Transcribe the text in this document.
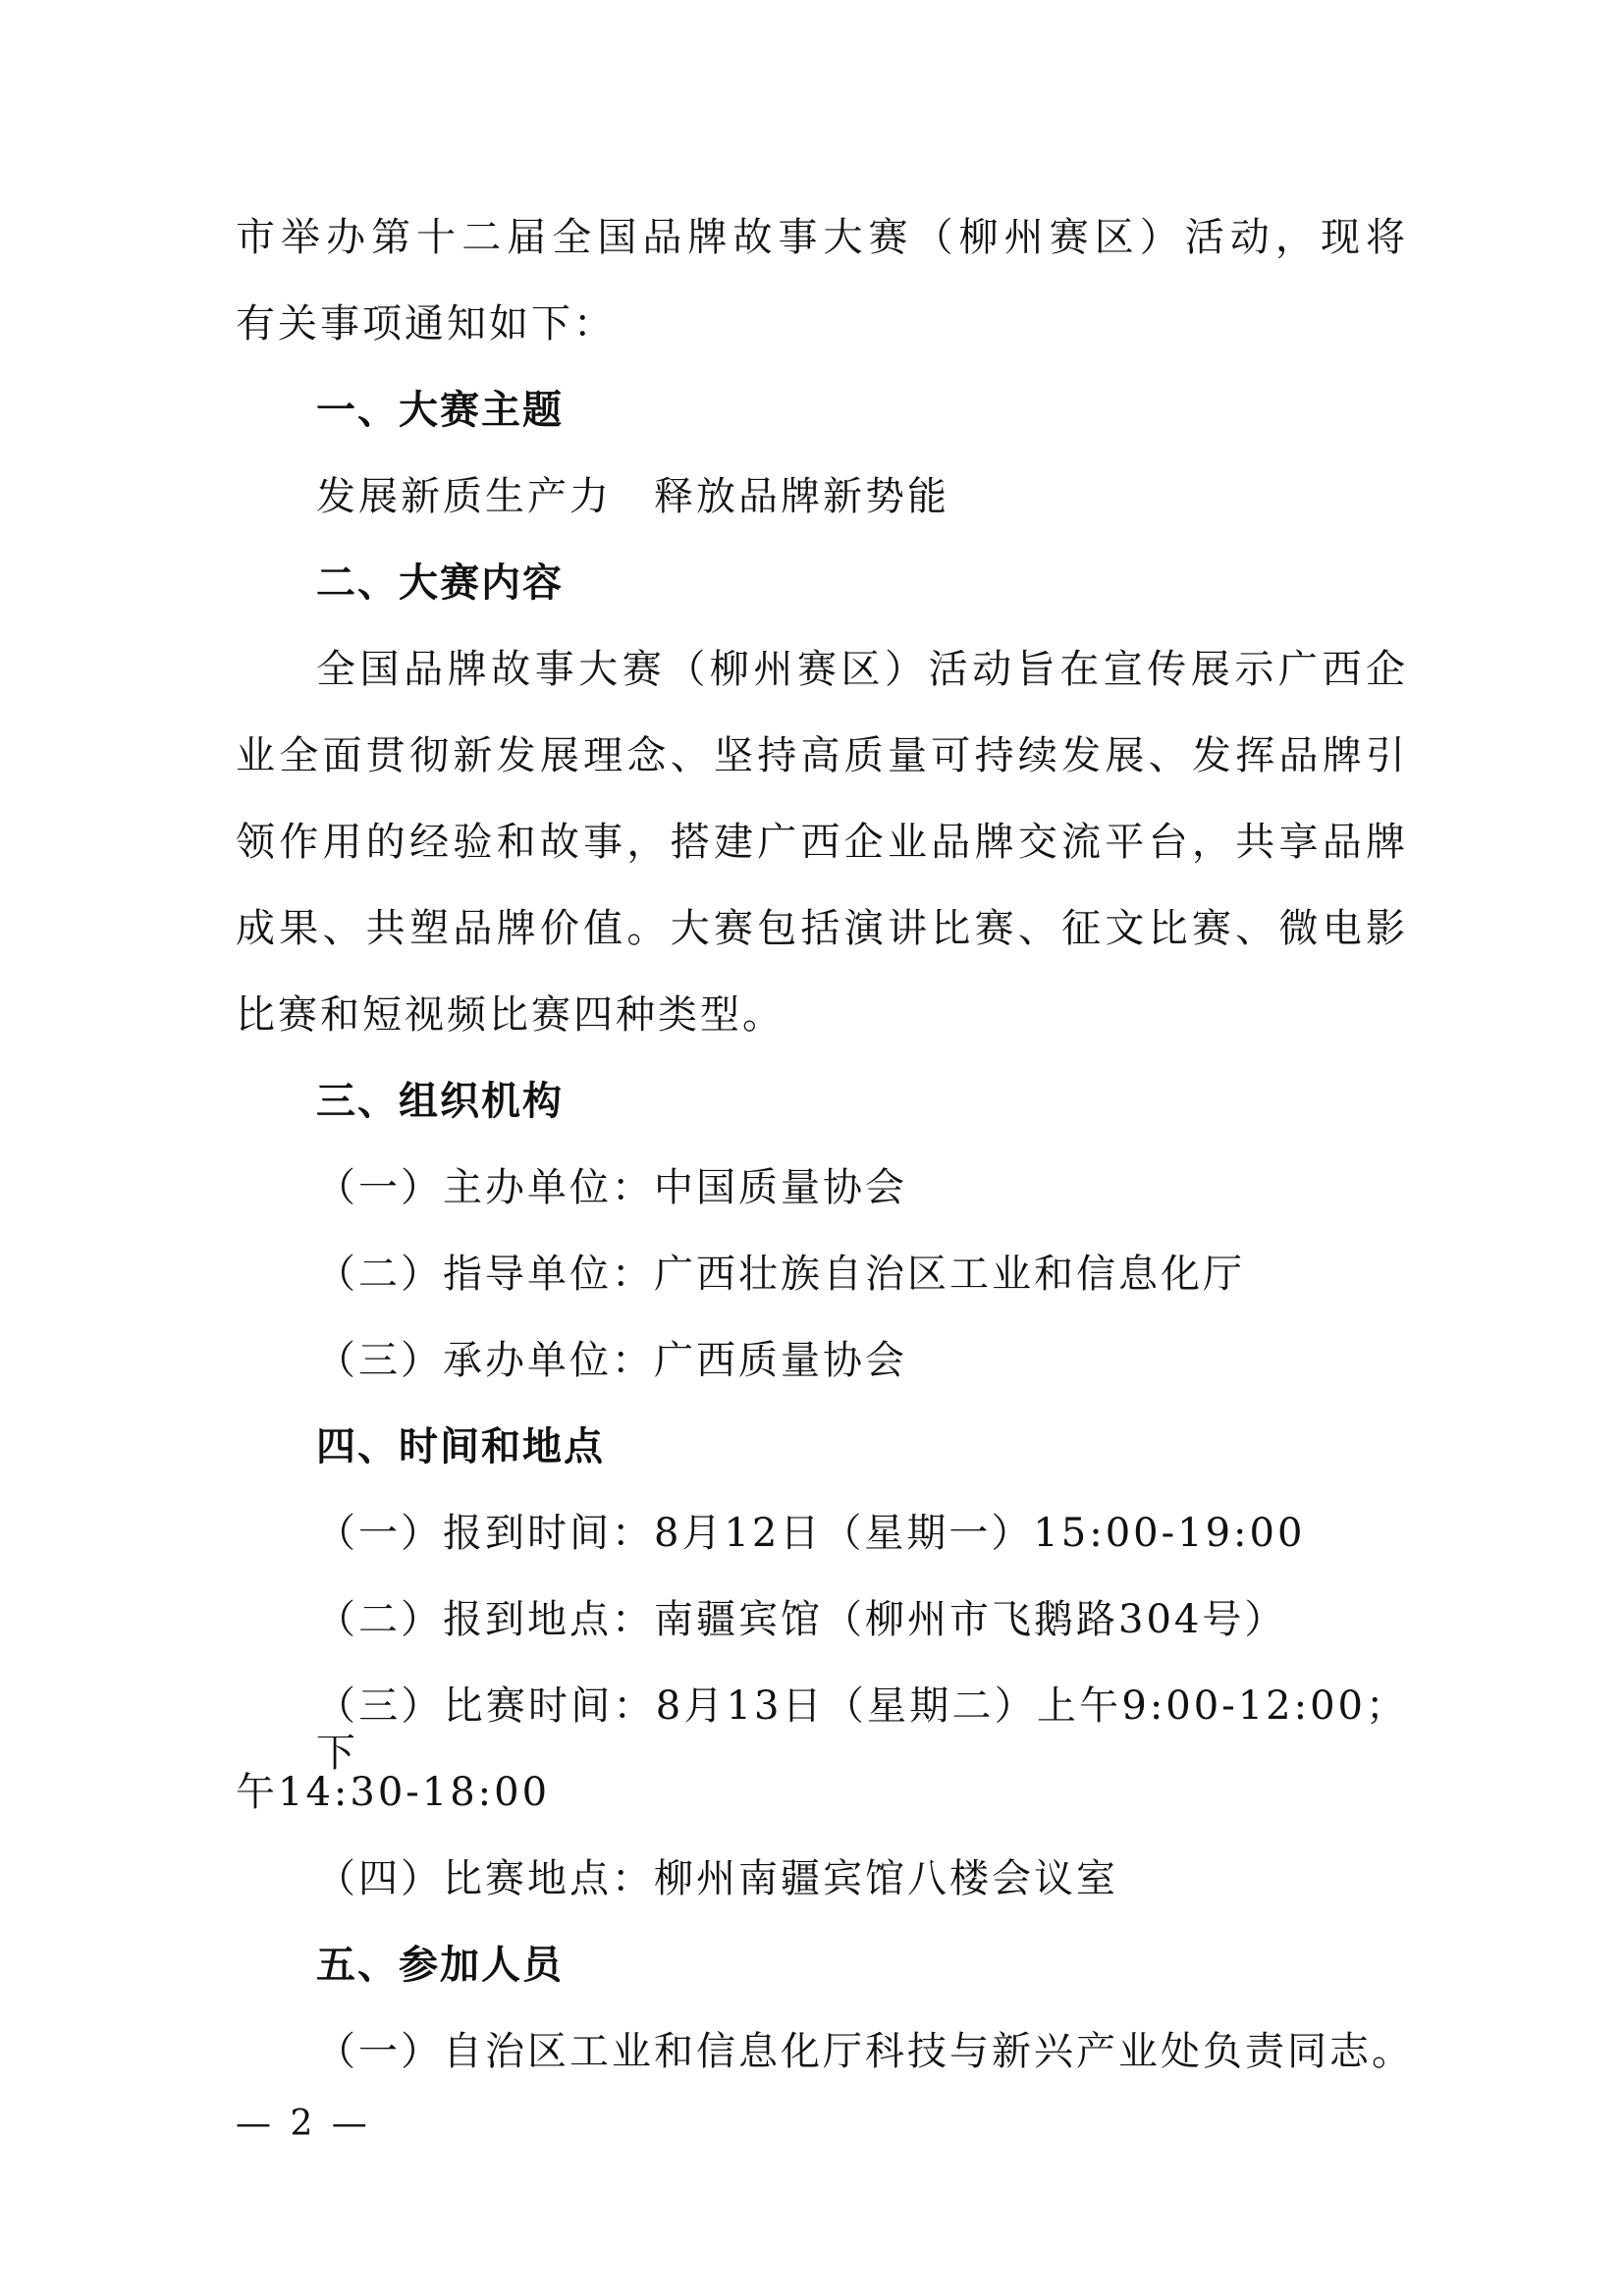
市举办第十二届全国品牌故事大赛（柳州赛区）活动，现将
有关事项通知如下：
一、大赛主题
发展新质生产力　释放品牌新势能
二、大赛内容
全国品牌故事大赛（柳州赛区）活动旨在宣传展示广西企
业全面贯彻新发展理念、坚持高质量可持续发展、发挥品牌引
领作用的经验和故事，搭建广西企业品牌交流平台，共享品牌
成果、共塑品牌价值。大赛包括演讲比赛、征文比赛、微电影
比赛和短视频比赛四种类型。
三、组织机构
（一）主办单位：中国质量协会
（二）指导单位：广西壮族自治区工业和信息化厅
（三）承办单位：广西质量协会
四、时间和地点
（一）报到时间：8月12日（星期一）15:00-19:00
（二）报到地点：南疆宾馆（柳州市飞鹅路304号）
（三）比赛时间：8月13日（星期二）上午9:00-12:00；下
午14:30-18:00
（四）比赛地点：柳州南疆宾馆八楼会议室
五、参加人员
（一）自治区工业和信息化厅科技与新兴产业处负责同志。
— 2 —
